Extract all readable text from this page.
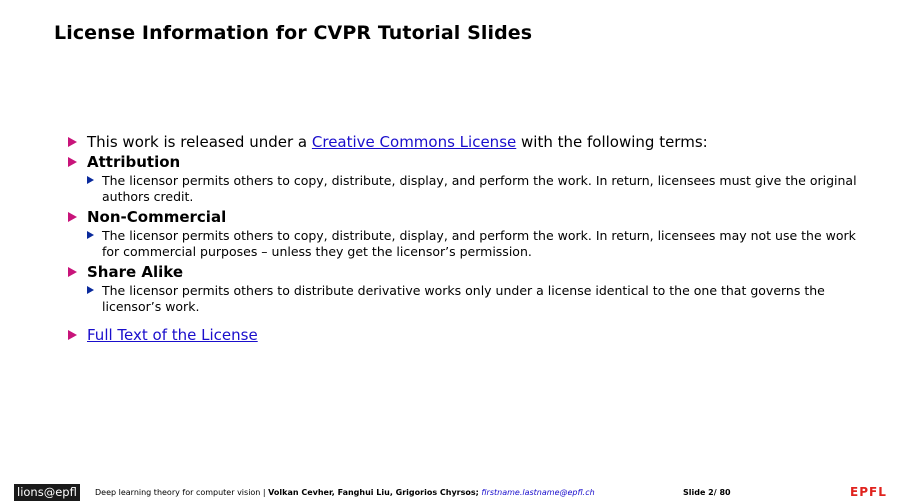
License Information for CVPR Tutorial Slides
This work is released under a Creative Commons License with the following terms:
Attribution
The licensor permits others to copy, distribute, display, and perform the work. In return, licensees must give the original authors credit.
Non-Commercial
The licensor permits others to copy, distribute, display, and perform the work. In return, licensees may not use the work for commercial purposes – unless they get the licensor’s permission.
Share Alike
The licensor permits others to distribute derivative works only under a license identical to the one that governs the licensor’s work.
Full Text of the License
lions@epfl	Deep learning theory for computer vision | Volkan Cevher, Fanghui Liu, Grigorios Chyrsos; firstname.lastname@epfl.ch	Slide 2/ 80	EPFL
